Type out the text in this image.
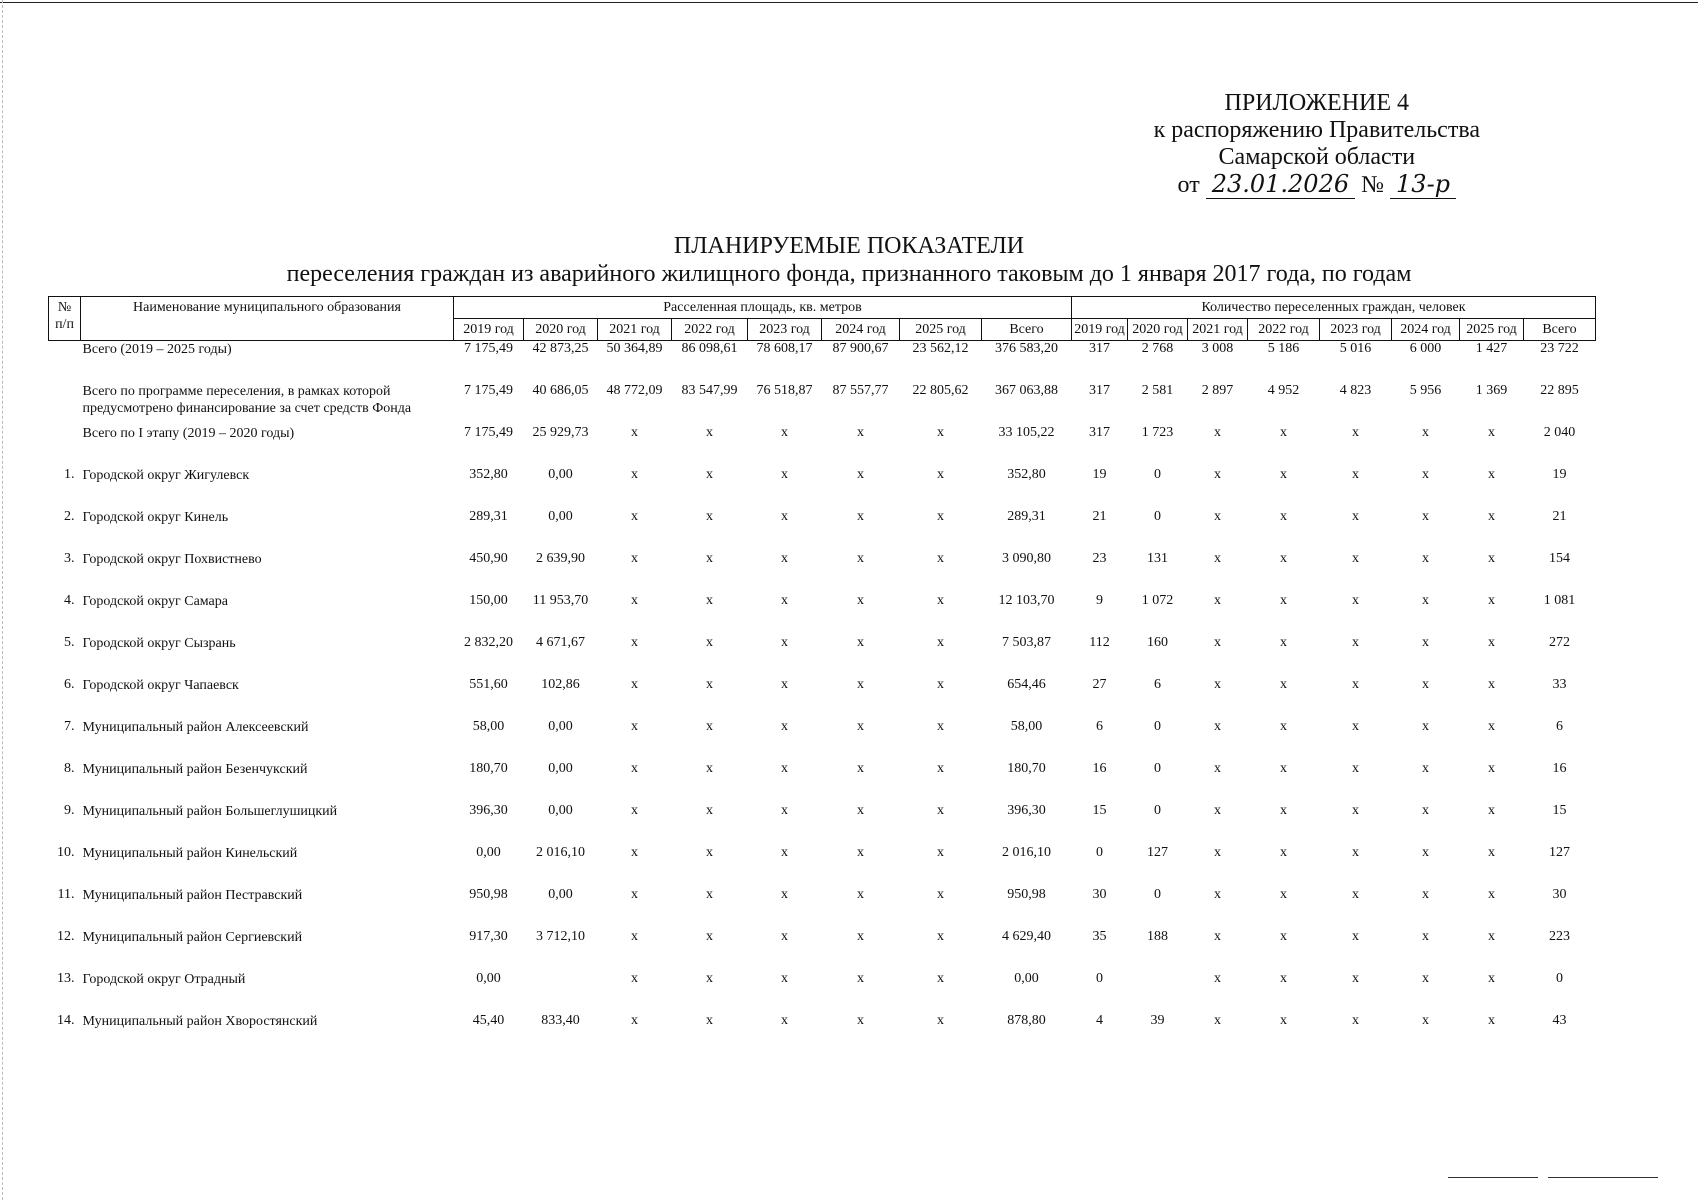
ПРИЛОЖЕНИЕ 4
к распоряжению Правительства
Самарской области
от 23.01.2026 № 13-р
ПЛАНИРУЕМЫЕ ПОКАЗАТЕЛИ
переселения граждан из аварийного жилищного фонда, признанного таковым до 1 января 2017 года, по годам
№ п/п	Наименование муниципального образования	Расселенная площадь, кв. метров								Количество переселенных граждан, человек							
		2019 год	2020 год	2021 год	2022 год	2023 год	2024 год	2025 год	Всего	2019 год	2020 год	2021 год	2022 год	2023 год	2024 год	2025 год	Всего
	Всего (2019 – 2025 годы)	7 175,49	42 873,25	50 364,89	86 098,61	78 608,17	87 900,67	23 562,12	376 583,20	317	2 768	3 008	5 186	5 016	6 000	1 427	23 722
	Всего по программе переселения, в рамках которой предусмотрено финансирование за счет средств Фонда	7 175,49	40 686,05	48 772,09	83 547,99	76 518,87	87 557,77	22 805,62	367 063,88	317	2 581	2 897	4 952	4 823	5 956	1 369	22 895
	Всего по I этапу (2019 – 2020 годы)	7 175,49	25 929,73	x	x	x	x	x	33 105,22	317	1 723	x	x	x	x	x	2 040
1.	Городской округ Жигулевск	352,80	0,00	x	x	x	x	x	352,80	19	0	x	x	x	x	x	19
2.	Городской округ Кинель	289,31	0,00	x	x	x	x	x	289,31	21	0	x	x	x	x	x	21
3.	Городской округ Похвистнево	450,90	2 639,90	x	x	x	x	x	3 090,80	23	131	x	x	x	x	x	154
4.	Городской округ Самара	150,00	11 953,70	x	x	x	x	x	12 103,70	9	1 072	x	x	x	x	x	1 081
5.	Городской округ Сызрань	2 832,20	4 671,67	x	x	x	x	x	7 503,87	112	160	x	x	x	x	x	272
6.	Городской округ Чапаевск	551,60	102,86	x	x	x	x	x	654,46	27	6	x	x	x	x	x	33
7.	Муниципальный район Алексеевский	58,00	0,00	x	x	x	x	x	58,00	6	0	x	x	x	x	x	6
8.	Муниципальный район Безенчукский	180,70	0,00	x	x	x	x	x	180,70	16	0	x	x	x	x	x	16
9.	Муниципальный район Большеглушицкий	396,30	0,00	x	x	x	x	x	396,30	15	0	x	x	x	x	x	15
10.	Муниципальный район Кинельский	0,00	2 016,10	x	x	x	x	x	2 016,10	0	127	x	x	x	x	x	127
11.	Муниципальный район Пестравский	950,98	0,00	x	x	x	x	x	950,98	30	0	x	x	x	x	x	30
12.	Муниципальный район Сергиевский	917,30	3 712,10	x	x	x	x	x	4 629,40	35	188	x	x	x	x	x	223
13.	Городской округ Отрадный	0,00		x	x	x	x	x	0,00	0		x	x	x	x	x	0
14.	Муниципальный район Хворостянский	45,40	833,40	x	x	x	x	x	878,80	4	39	x	x	x	x	x	43
